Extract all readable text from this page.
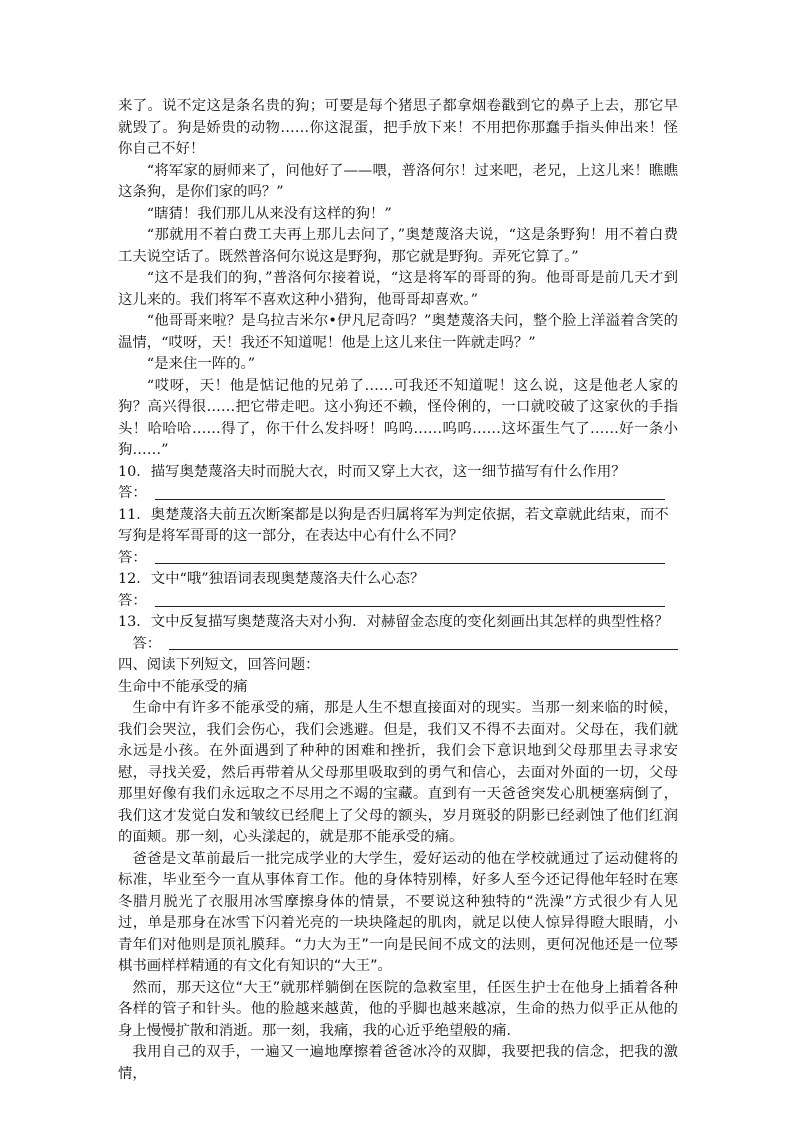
来了。说不定这是条名贵的狗；可要是每个猪思子都拿烟卷戳到它的鼻子上去，那它早就毁了。狗是娇贵的动物……你这混蛋，把手放下来！不用把你那蠢手指头伸出来！怪你自己不好！

“将军家的厨师来了，问他好了——喂，普洛何尔！过来吧，老兄，上这儿来！瞧瞧这条狗，是你们家的吗？”

“瞎猜！我们那儿从来没有这样的狗！”

“那就用不着白费工夫再上那儿去问了，”奥楚蔑洛夫说，“这是条野狗！用不着白费工夫说空话了。既然普洛何尔说这是野狗，那它就是野狗。弄死它算了。”

“这不是我们的狗，”普洛何尔接着说，“这是将军的哥哥的狗。他哥哥是前几天才到这儿来的。我们将军不喜欢这种小猎狗，他哥哥却喜欢。”

“他哥哥来啦？是乌拉吉米尔•伊凡尼奇吗？”奥楚蔑洛夫问，整个脸上洋溢着含笑的温情，“哎呀，天！我还不知道呢！他是上这儿来住一阵就走吗？”

“是来住一阵的。”

“哎呀，天！他是惦记他的兄弟了……可我还不知道呢！这么说，这是他老人家的狗？高兴得很……把它带走吧。这小狗还不赖，怪伶俐的，一口就咬破了这家伙的手指头！哈哈哈……得了，你干什么发抖呀！呜呜……呜呜……这坏蛋生气了……好一条小狗……”

10．描写奥楚蔑洛夫时而脱大衣，时而又穿上大衣，这一细节描写有什么作用？

答：

11．奥楚蔑洛夫前五次断案都是以狗是否归属将军为判定依据，若文章就此结束，而不写狗是将军哥哥的这一部分，在表达中心有什么不同？

答：

12．文中“哦”独语词表现奥楚蔑洛夫什么心态？

答：

13．文中反复描写奥楚蔑洛夫对小狗．对赫留金态度的变化刻画出其怎样的典型性格？

答：

四、阅读下列短文，回答问题：

生命中不能承受的痛

生命中有许多不能承受的痛，那是人生不想直接面对的现实。当那一刻来临的时候，我们会哭泣，我们会伤心，我们会逃避。但是，我们又不得不去面对。父母在，我们就永远是小孩。在外面遇到了种种的困难和挫折，我们会下意识地到父母那里去寻求安慰，寻找关爱，然后再带着从父母那里吸取到的勇气和信心，去面对外面的一切，父母那里好像有我们永远取之不尽用之不竭的宝藏。直到有一天爸爸突发心肌梗塞病倒了，我们这才发觉白发和皱纹已经爬上了父母的额头，岁月斑驳的阴影已经剥蚀了他们红润的面颊。那一刻，心头漾起的，就是那不能承受的痛。

爸爸是文革前最后一批完成学业的大学生，爱好运动的他在学校就通过了运动健将的标准，毕业至今一直从事体育工作。他的身体特别棒，好多人至今还记得他年轻时在寒冬腊月脱光了衣服用冰雪摩擦身体的情景，不要说这种独特的“洗澡”方式很少有人见过，单是那身在冰雪下闪着光亮的一块块隆起的肌肉，就足以使人惊异得瞪大眼睛，小青年们对他则是顶礼膜拜。“力大为王”一向是民间不成文的法则，更何况他还是一位琴棋书画样样精通的有文化有知识的“大王”。

然而，那天这位“大王”就那样躺倒在医院的急救室里，任医生护士在他身上插着各种各样的管子和针头。他的脸越来越黄，他的乎脚也越来越凉，生命的热力似乎正从他的身上慢慢扩散和消逝。那一刻，我痛，我的心近乎绝望般的痛．

我用自己的双手，一遍又一遍地摩擦着爸爸冰冷的双脚，我要把我的信念，把我的激情，
